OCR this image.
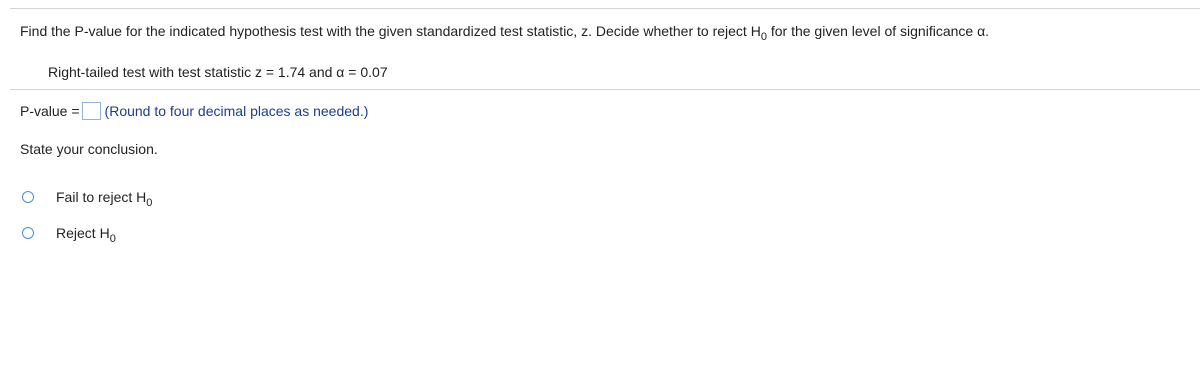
Find the P-value for the indicated hypothesis test with the given standardized test statistic, z. Decide whether to reject $H_0$ for the given level of significance α.
Right-tailed test with test statistic z = 1.74 and α = 0.07
P-value = (Round to four decimal places as needed.)
State your conclusion.
Fail to reject $H_0$
Reject $H_0$
